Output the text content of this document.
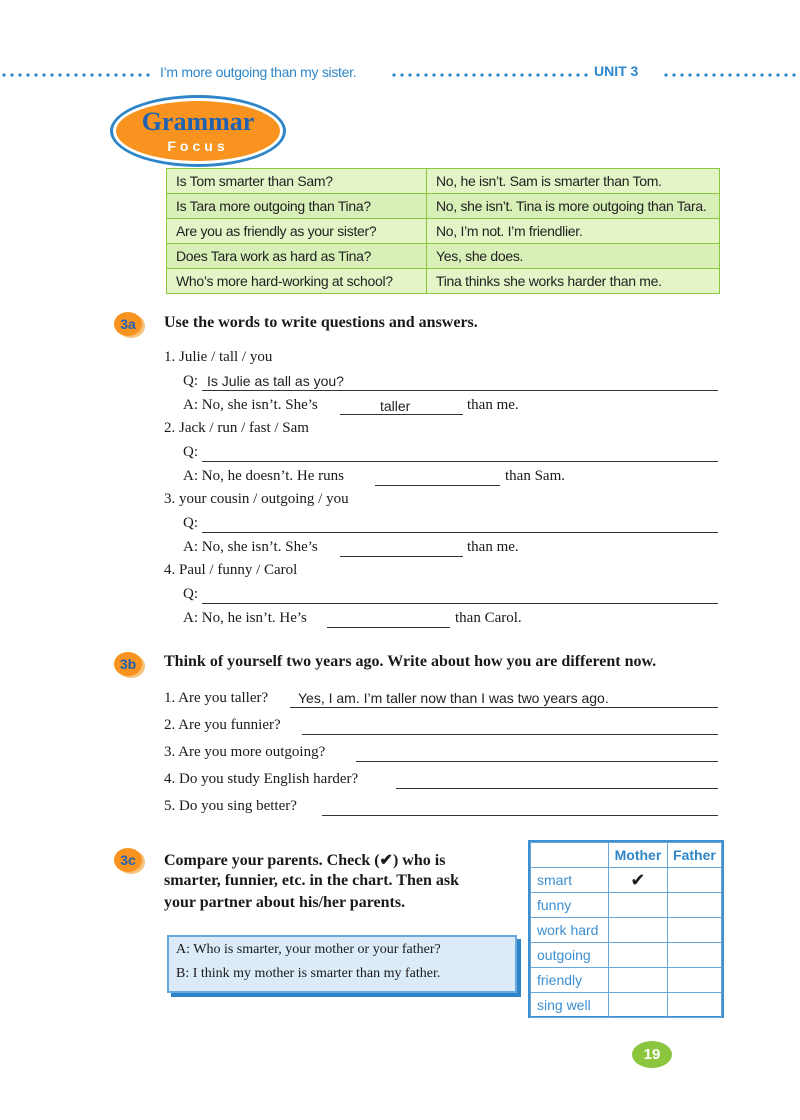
I’m more outgoing than my sister.	UNIT 3
Grammar
Focus
Is Tom smarter than Sam?	No, he isn’t. Sam is smarter than Tom.
Is Tara more outgoing than Tina?	No, she isn’t. Tina is more outgoing than Tara.
Are you as friendly as your sister?	No, I’m not. I’m friendlier.
Does Tara work as hard as Tina?	Yes, she does.
Who’s more hard-working at school?	Tina thinks she works harder than me.
3a	Use the words to write questions and answers.
1. Julie / tall / you
Q: Is Julie as tall as you?
A: No, she isn’t. She’s	taller	than me.
2. Jack / run / fast / Sam
Q:
A: No, he doesn’t. He runs	than Sam.
3. your cousin / outgoing / you
Q:
A: No, she isn’t. She’s	than me.
4. Paul / funny / Carol
Q:
A: No, he isn’t. He’s	than Carol.
3b	Think of yourself two years ago. Write about how you are different now.
1. Are you taller? Yes, I am. I’m taller now than I was two years ago.
2. Are you funnier?
3. Are you more outgoing?
4. Do you study English harder?
5. Do you sing better?
3c	Compare your parents. Check (✔) who is
smarter, funnier, etc. in the chart. Then ask
your partner about his/her parents.
A: Who is smarter, your mother or your father?
B: I think my mother is smarter than my father.
	Mother	Father
smart	✔	
funny		
work hard		
outgoing		
friendly		
sing well		
19
